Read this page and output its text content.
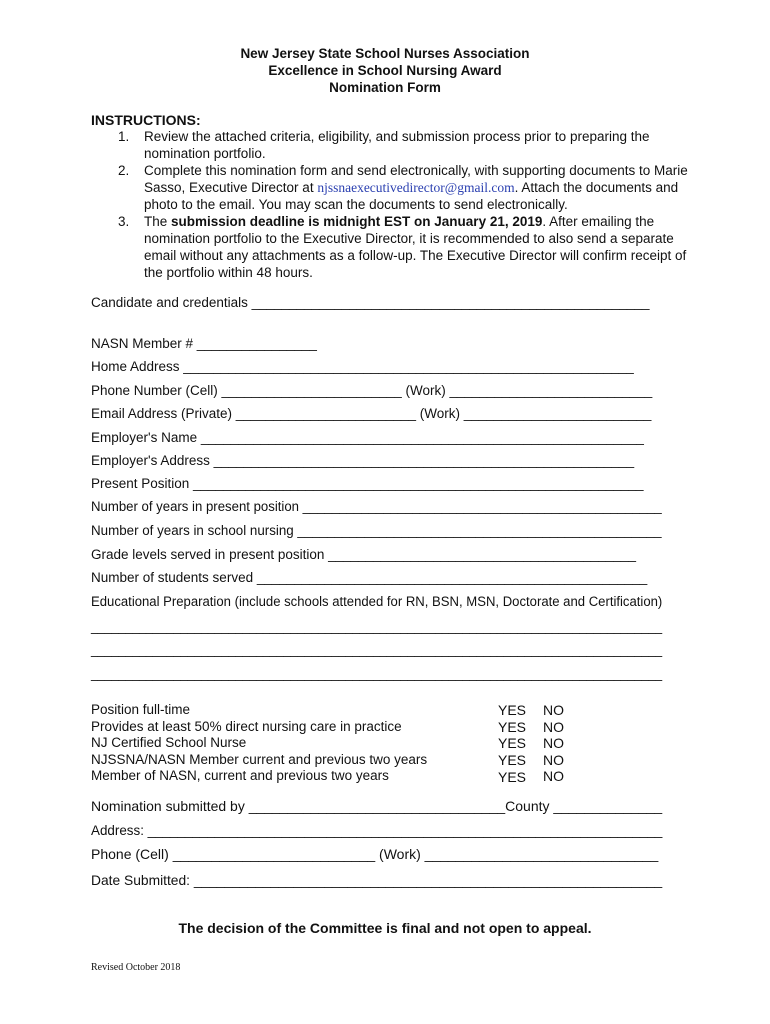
New Jersey State School Nurses Association
Excellence in School Nursing Award
Nomination Form
INSTRUCTIONS:
1. Review the attached criteria, eligibility, and submission process prior to preparing the nomination portfolio.
2. Complete this nomination form and send electronically, with supporting documents to Marie Sasso, Executive Director at njssnaexecutivedirector@gmail.com. Attach the documents and photo to the email. You may scan the documents to send electronically.
3. The submission deadline is midnight EST on January 21, 2019. After emailing the nomination portfolio to the Executive Director, it is recommended to also send a separate email without any attachments as a follow-up. The Executive Director will confirm receipt of the portfolio within 48 hours.
Candidate and credentials _____________________________________________________
NASN Member # ________________
Home Address ____________________________________________________________
Phone Number (Cell) ________________________ (Work) ___________________________
Email Address (Private) ________________________ (Work) _________________________
Employer's Name ___________________________________________________________
Employer's Address ________________________________________________________
Present Position ____________________________________________________________
Number of years in present position _________________________________________________
Number of years in school nursing _________________________________________________
Grade levels served in present position _________________________________________
Number of students served ____________________________________________________
Educational Preparation (include schools attended for RN, BSN, MSN, Doctorate and Certification)
___________________________________________________________________________________
___________________________________________________________________________________
___________________________________________________________________________________
Position full-time	YES NO
Provides at least 50% direct nursing care in practice	YES NO
NJ Certified School Nurse	YES NO
NJSSNA/NASN Member current and previous two years	YES NO
Member of NASN, current and previous two years	YES NO
Nomination submitted by _________________________________County ______________
Address: _____________________________________________________________________
Phone (Cell) __________________________ (Work) ______________________________
Date Submitted: _____________________________________________________________
The decision of the Committee is final and not open to appeal.
Revised October 2018
